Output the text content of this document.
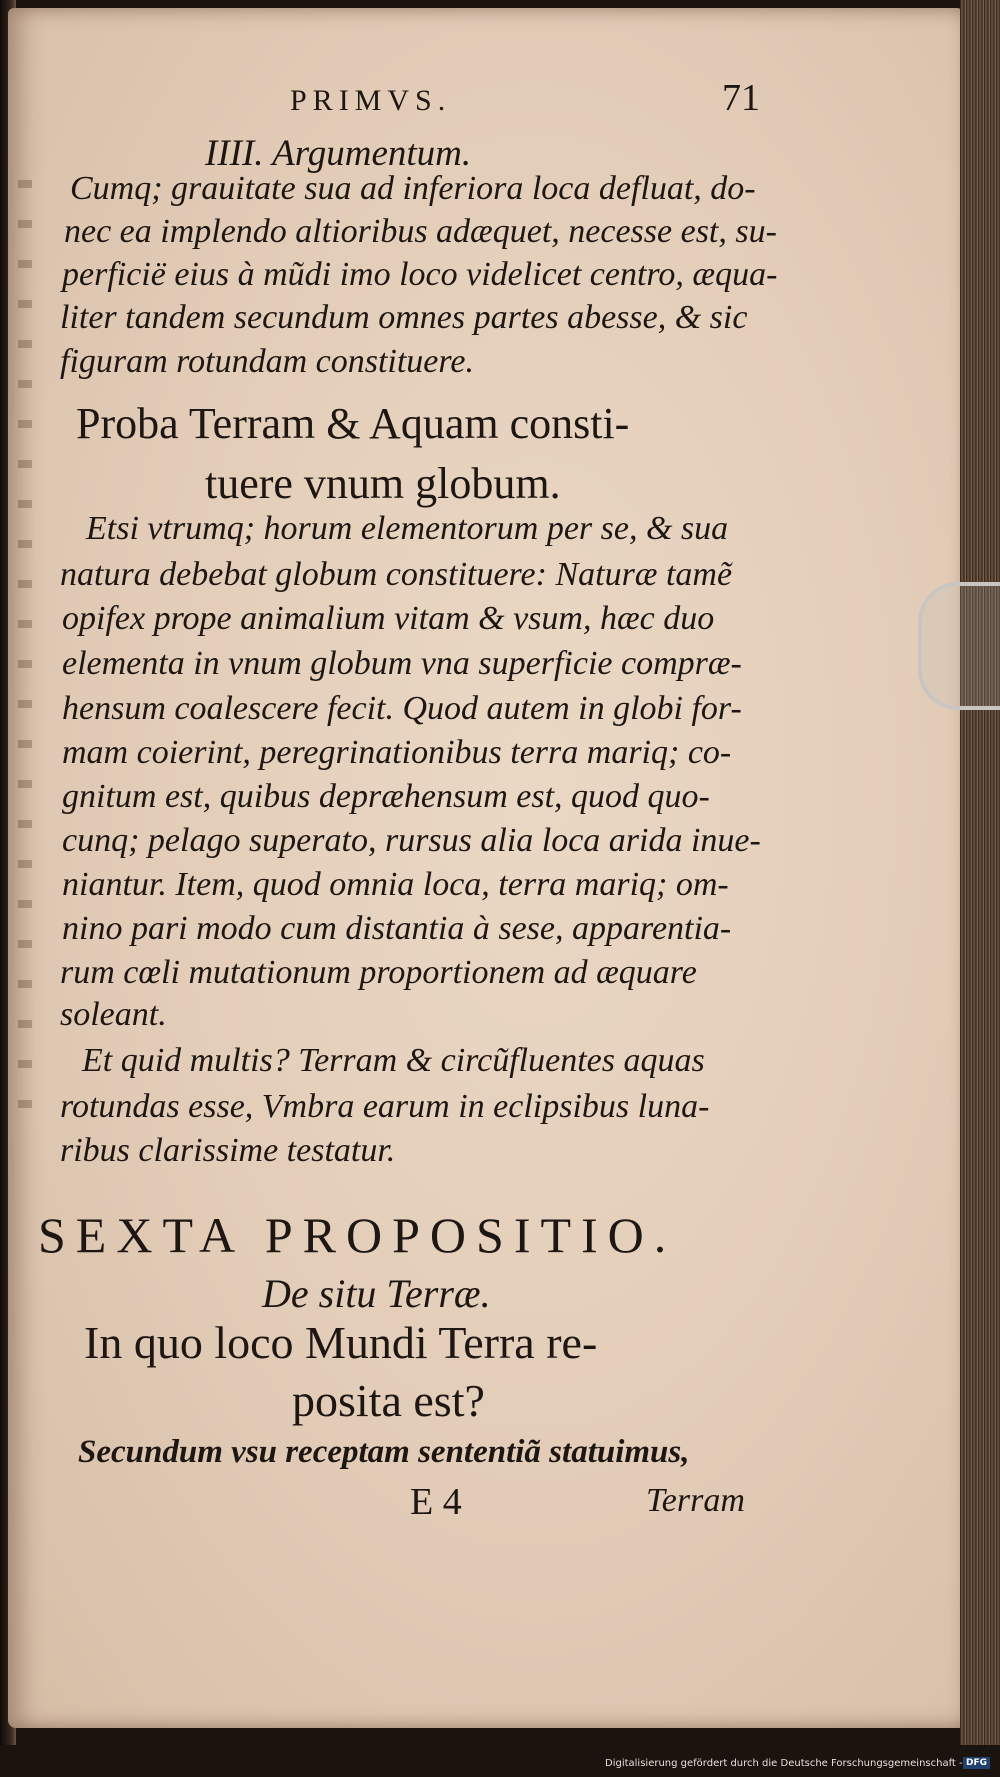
PRIMVS.	71
IIII. Argumentum.
Cumq; grauitate sua ad inferiora loca defluat, do-
nec ea implendo altioribus adæquet, necesse est, su-
perficië eius à mũdi imo loco videlicet centro, æqua-
liter tandem secundum omnes partes abesse, & sic
figuram rotundam constituere.
Proba Terram & Aquam consti-
tuere vnum globum.
Etsi vtrumq; horum elementorum per se, & sua
natura debebat globum constituere: Naturæ tamẽ
opifex prope animalium vitam & vsum, hæc duo
elementa in vnum globum vna superficie compræ-
hensum coalescere fecit. Quod autem in globi for-
mam coierint, peregrinationibus terra mariq; co-
gnitum est, quibus depræhensum est, quod quo-
cunq; pelago superato, rursus alia loca arida inue-
niantur. Item, quod omnia loca, terra mariq; om-
nino pari modo cum distantia à sese, apparentia-
rum cœli mutationum proportionem ad æquare
soleant.
Et quid multis? Terram & circũfluentes aquas
rotundas esse, Vmbra earum in eclipsibus luna-
ribus clarissime testatur.
SEXTA PROPOSITIO.
De situ Terræ.
In quo loco Mundi Terra re-
posita est?
Secundum vsu receptam sententiã statuimus,
E 4	Terram
Digitalisierung gefördert durch die Deutsche Forschungsgemeinschaft - DFG
